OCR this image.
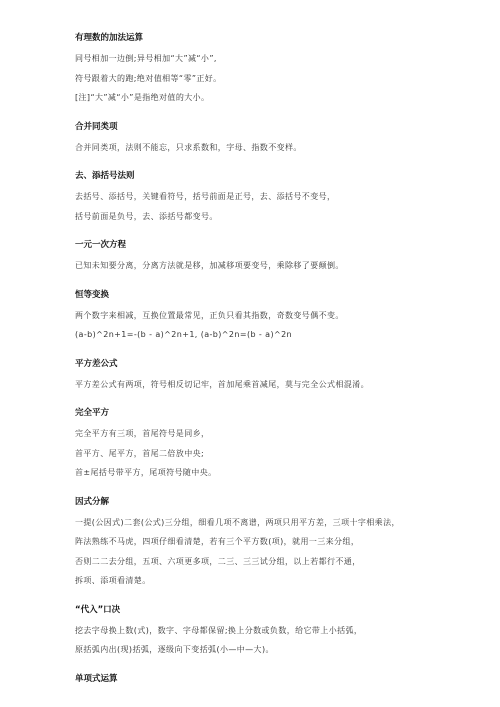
有理数的加法运算
同号相加一边倒;异号相加“大”减“小”,
符号跟着大的跑;绝对值相等“零”正好。
[注]“大”减“小”是指绝对值的大小。
合并同类项
合并同类项，法则不能忘，只求系数和，字母、指数不变样。
去、添括号法则
去括号、添括号，关键看符号，括号前面是正号，去、添括号不变号，
括号前面是负号，去、添括号都变号。
一元一次方程
已知未知要分离，分离方法就是移，加减移项要变号，乘除移了要颠倒。
恒等变换
两个数字来相减，互换位置最常见，正负只看其指数，奇数变号偶不变。
(a-b)^2n+1=-(b - a)^2n+1, (a-b)^2n=(b - a)^2n
平方差公式
平方差公式有两项，符号相反切记牢，首加尾乘首减尾，莫与完全公式相混淆。
完全平方
完全平方有三项，首尾符号是同乡，
首平方、尾平方，首尾二倍放中央;
首±尾括号带平方，尾项符号随中央。
因式分解
一提(公因式)二套(公式)三分组，细看几项不离谱，两项只用平方差，三项十字相乘法，
阵法熟练不马虎，四项仔细看清楚，若有三个平方数(项)，就用一三来分组，
否则二二去分组，五项、六项更多项，二三、三三试分组，以上若都行不通，
拆项、添项看清楚。
“代入”口决
挖去字母换上数(式)，数字、字母都保留;换上分数或负数，给它带上小括弧，
原括弧内出(现)括弧，逐级向下变括弧(小—中—大)。
单项式运算
